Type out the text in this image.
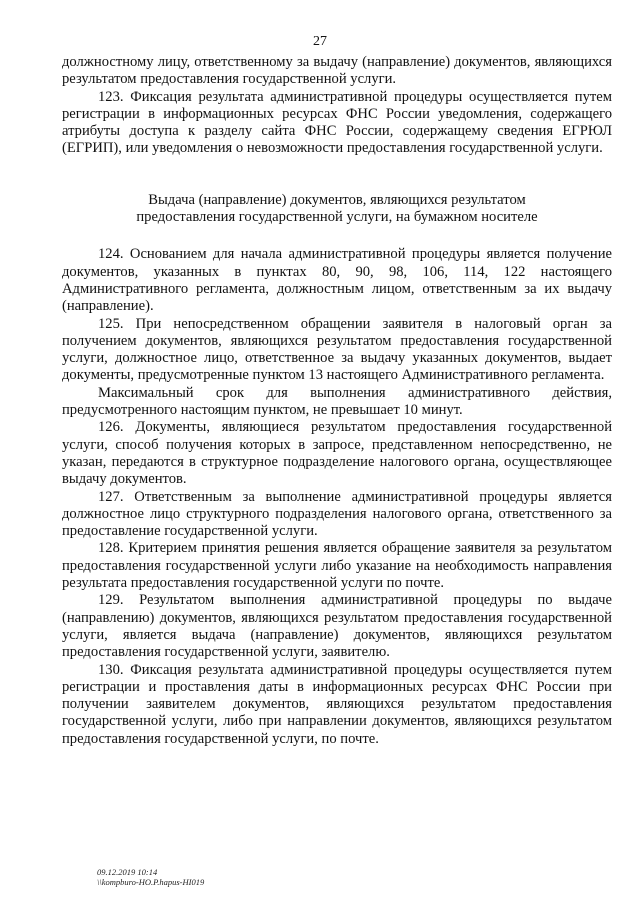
27

должностному лицу, ответственному за выдачу (направление) документов, являющихся результатом предоставления государственной услуги.

123. Фиксация результата административной процедуры осуществляется путем регистрации в информационных ресурсах ФНС России уведомления, содержащего атрибуты доступа к разделу сайта ФНС России, содержащему сведения ЕГРЮЛ (ЕГРИП), или уведомления о невозможности предоставления государственной услуги.

Выдача (направление) документов, являющихся результатом
предоставления государственной услуги, на бумажном носителе

124. Основанием для начала административной процедуры является получение документов, указанных в пунктах 80, 90, 98, 106, 114, 122 настоящего Административного регламента, должностным лицом, ответственным за их выдачу (направление).

125. При непосредственном обращении заявителя в налоговый орган за получением документов, являющихся результатом предоставления государственной услуги, должностное лицо, ответственное за выдачу указанных документов, выдает документы, предусмотренные пунктом 13 настоящего Административного регламента.

Максимальный срок для выполнения административного действия, предусмотренного настоящим пунктом, не превышает 10 минут.

126. Документы, являющиеся результатом предоставления государственной услуги, способ получения которых в запросе, представленном непосредственно, не указан, передаются в структурное подразделение налогового органа, осуществляющее выдачу документов.

127. Ответственным за выполнение административной процедуры является должностное лицо структурного подразделения налогового органа, ответственного за предоставление государственной услуги.

128. Критерием принятия решения является обращение заявителя за результатом предоставления государственной услуги либо указание на необходимость направления результата предоставления государственной услуги по почте.

129. Результатом выполнения административной процедуры по выдаче (направлению) документов, являющихся результатом предоставления государственной услуги, является выдача (направление) документов, являющихся результатом предоставления государственной услуги, заявителю.

130. Фиксация результата административной процедуры осуществляется путем регистрации и проставления даты в информационных ресурсах ФНС России при получении заявителем документов, являющихся результатом предоставления государственной услуги, либо при направлении документов, являющихся результатом предоставления государственной услуги, по почте.

09.12.2019 10:14
\\kompburo-HO.P.hapus-HI019
